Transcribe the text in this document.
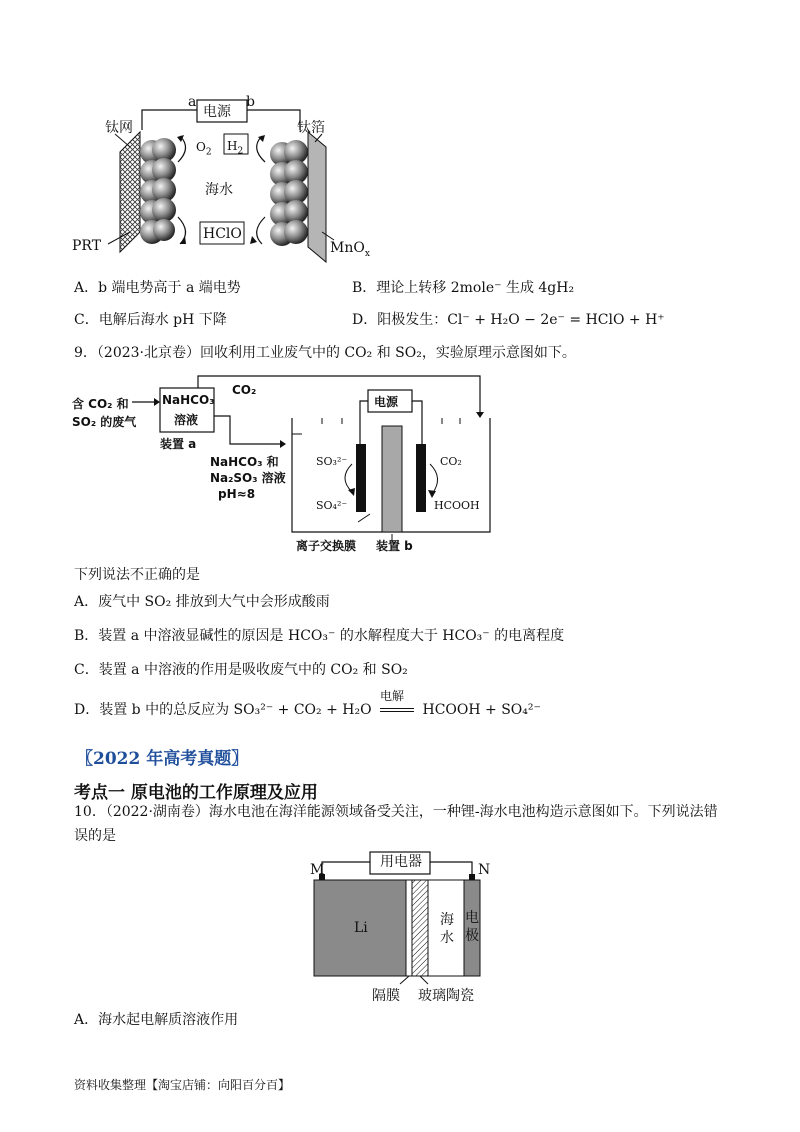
电源
a	b
钛网	钛箔
$O_2$ $H_2$
海水
HClO
PRT	MnO$_x$
A．b 端电势高于 a 端电势	B．理论上转移 2mole⁻ 生成 4gH₂
C．电解后海水 pH 下降	D．阳极发生：Cl⁻ + H₂O − 2e⁻ = HClO + H⁺
9．（2023·北京卷）回收利用工业废气中的 CO₂ 和 SO₂，实验原理示意图如下。
含 CO₂ 和
SO₂ 的废气
NaHCO₃
溶液
装置 a
CO₂
NaHCO₃ 和
Na₂SO₃ 溶液
pH≈8
电源
SO₃²⁻
SO₄²⁻
CO₂
HCOOH
离子交换膜 装置 b
下列说法不正确的是
A．废气中 SO₂ 排放到大气中会形成酸雨
B．装置 a 中溶液显碱性的原因是 HCO₃⁻ 的水解程度大于 HCO₃⁻ 的电离程度
C．装置 a 中溶液的作用是吸收废气中的 CO₂ 和 SO₂
D．装置 b 中的总反应为 SO₃²⁻ + CO₂ + H₂O
电解
HCOOH + SO₄²⁻
〖2022 年高考真题〗
考点一 原电池的工作原理及应用
10．（2022·湖南卷）海水电池在海洋能源领域备受关注，一种锂-海水电池构造示意图如下。下列说法错
误的是
用电器
M	N
Li	海
水
电
极
隔膜 玻璃陶瓷
A．海水起电解质溶液作用
资料收集整理【淘宝店铺：向阳百分百】
